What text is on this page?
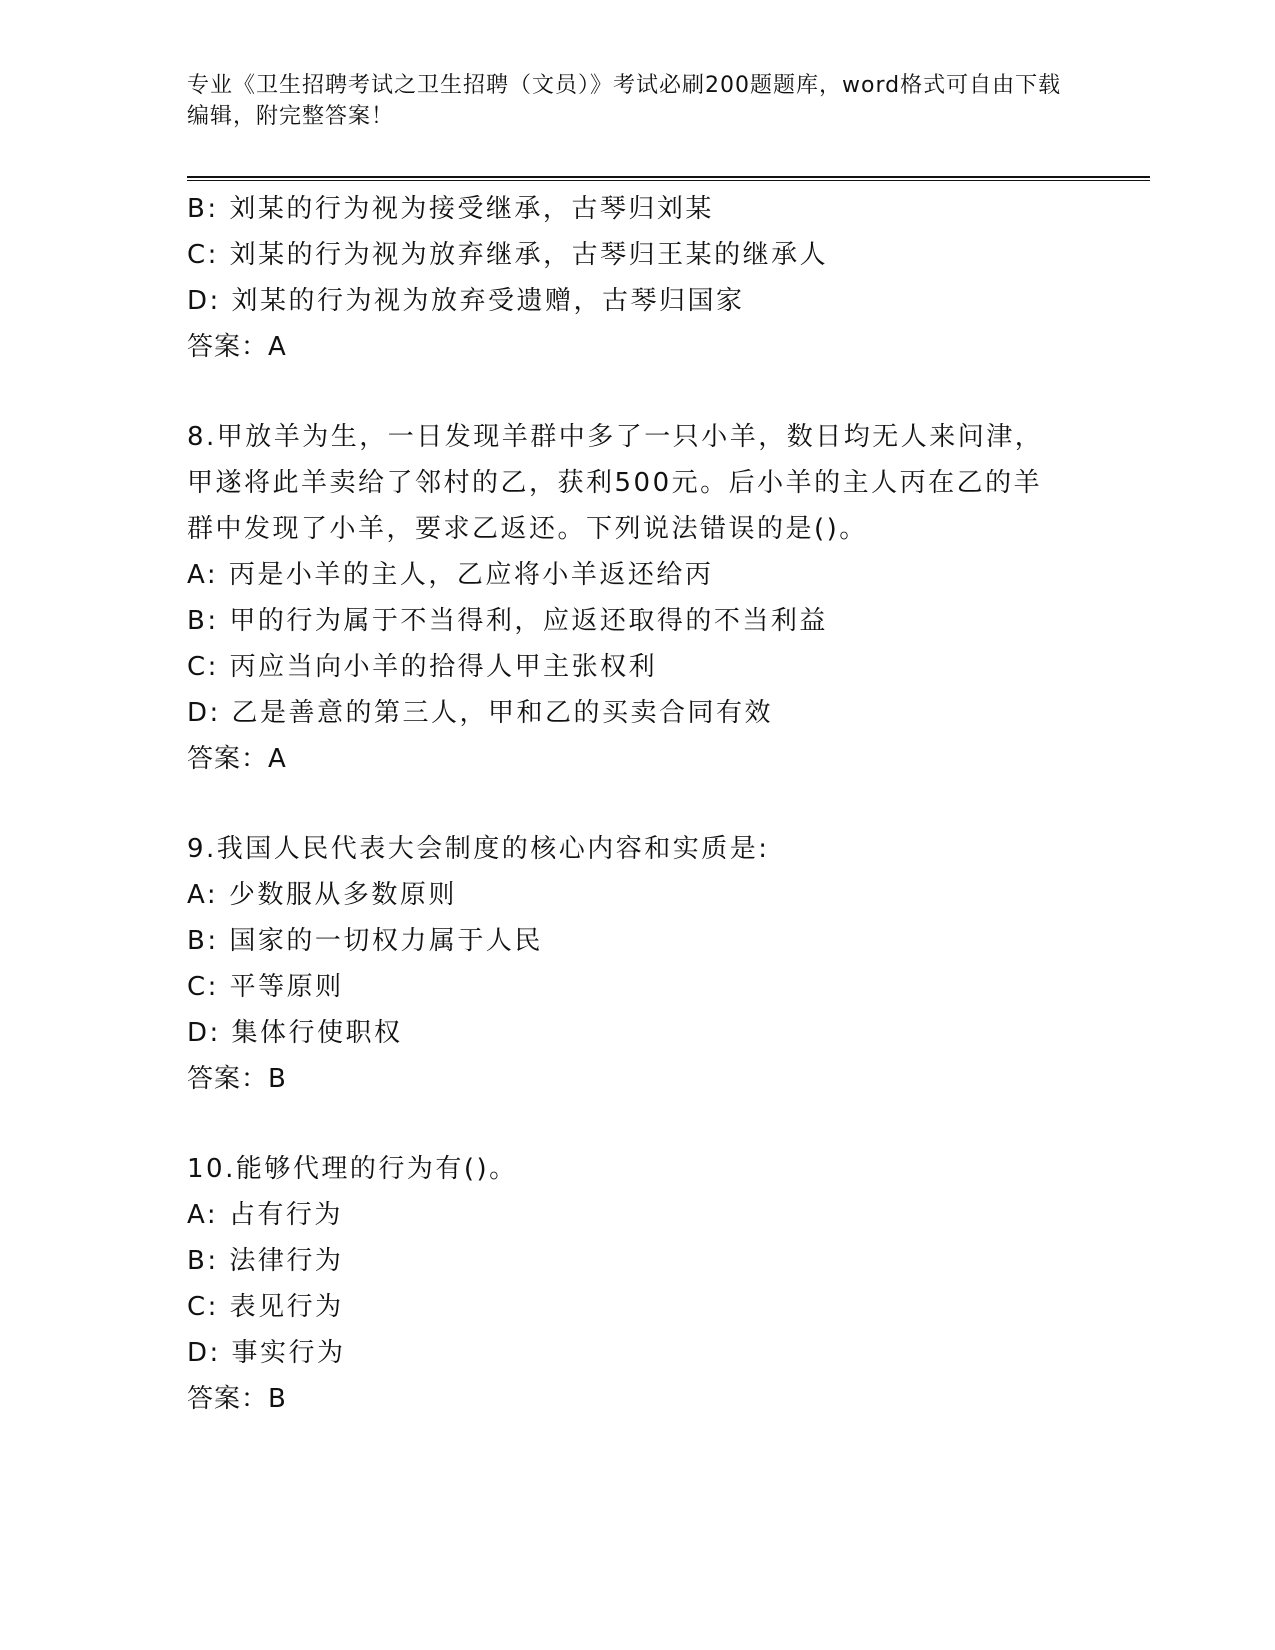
专业《卫生招聘考试之卫生招聘（文员）》考试必刷200题题库，word格式可自由下载编辑，附完整答案！
B: 刘某的行为视为接受继承，古琴归刘某
C: 刘某的行为视为放弃继承，古琴归王某的继承人
D: 刘某的行为视为放弃受遗赠，古琴归国家
答案：A
8.甲放羊为生，一日发现羊群中多了一只小羊，数日均无人来问津，
甲遂将此羊卖给了邻村的乙，获利500元。后小羊的主人丙在乙的羊
群中发现了小羊，要求乙返还。下列说法错误的是()。
A: 丙是小羊的主人，乙应将小羊返还给丙
B: 甲的行为属于不当得利，应返还取得的不当利益
C: 丙应当向小羊的拾得人甲主张权利
D: 乙是善意的第三人，甲和乙的买卖合同有效
答案：A
9.我国人民代表大会制度的核心内容和实质是:
A: 少数服从多数原则
B: 国家的一切权力属于人民
C: 平等原则
D: 集体行使职权
答案：B
10.能够代理的行为有()。
A: 占有行为
B: 法律行为
C: 表见行为
D: 事实行为
答案：B
